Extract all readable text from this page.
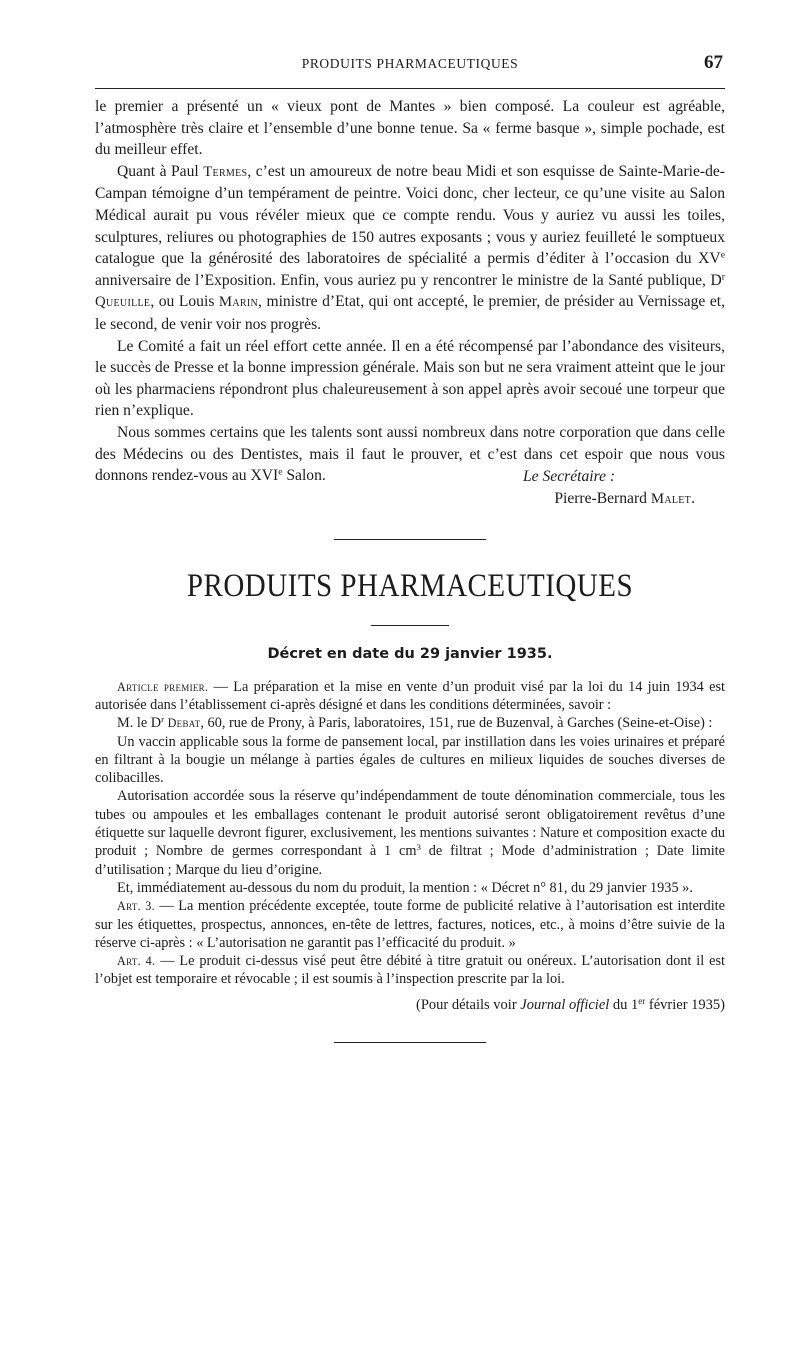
PRODUITS PHARMACEUTIQUES	67

le premier a présenté un « vieux pont de Mantes » bien composé. La couleur est agréable, l’atmosphère très claire et l’ensemble d’une bonne tenue. Sa « ferme basque », simple pochade, est du meilleur effet.

Quant à Paul Termes, c’est un amoureux de notre beau Midi et son esquisse de Sainte-Marie-de-Campan témoigne d’un tempérament de peintre. Voici donc, cher lecteur, ce qu’une visite au Salon Médical aurait pu vous révéler mieux que ce compte rendu. Vous y auriez vu aussi les toiles, sculptures, reliures ou photographies de 150 autres exposants ; vous y auriez feuilleté le somptueux catalogue que la générosité des laboratoires de spécialité a permis d’éditer à l’occasion du XVe anniversaire de l’Exposition. Enfin, vous auriez pu y rencontrer le ministre de la Santé publique, $D^r$ Queuille, ou Louis Marin, ministre d’Etat, qui ont accepté, le premier, de présider au Vernissage et, le second, de venir voir nos progrès.

Le Comité a fait un réel effort cette année. Il en a été récompensé par l’abondance des visiteurs, le succès de Presse et la bonne impression générale. Mais son but ne sera vraiment atteint que le jour où les pharmaciens répondront plus chaleureusement à son appel après avoir secoué une torpeur que rien n’explique.

Nous sommes certains que les talents sont aussi nombreux dans notre corporation que dans celle des Médecins ou des Dentistes, mais il faut le prouver, et c’est dans cet espoir que nous vous donnons rendez-vous au XVIe Salon.	Le Secrétaire :
Pierre-Bernard Malet.
PRODUITS PHARMACEUTIQUES
Décret en date du 29 janvier 1935.

Article premier. — La préparation et la mise en vente d’un produit visé par la loi du 14 juin 1934 est autorisée dans l’établissement ci-après désigné et dans les conditions déterminées, savoir :

M. le $D^r$ Debat, 60, rue de Prony, à Paris, laboratoires, 151, rue de Buzenval, à Garches (Seine-et-Oise) :

Un vaccin applicable sous la forme de pansement local, par instillation dans les voies urinaires et préparé en filtrant à la bougie un mélange à parties égales de cultures en milieux liquides de souches diverses de colibacilles.

Autorisation accordée sous la réserve qu’indépendamment de toute dénomination commerciale, tous les tubes ou ampoules et les emballages contenant le produit autorisé seront obligatoirement revêtus d’une étiquette sur laquelle devront figurer, exclusivement, les mentions suivantes : Nature et composition exacte du produit ; Nombre de germes correspondant à 1 $cm^3$ de filtrat ; Mode d’administration ; Date limite d’utilisation ; Marque du lieu d’origine.

Et, immédiatement au-dessous du nom du produit, la mention : « Décret n° 81, du 29 janvier 1935 ».

Art. 3. — La mention précédente exceptée, toute forme de publicité relative à l’autorisation est interdite sur les étiquettes, prospectus, annonces, en-tête de lettres, factures, notices, etc., à moins d’être suivie de la réserve ci-après : « L’autorisation ne garantit pas l’efficacité du produit. »

Art. 4. — Le produit ci-dessus visé peut être débité à titre gratuit ou onéreux. L’autorisation dont il est l’objet est temporaire et révocable ; il est soumis à l’inspection prescrite par la loi.

(Pour détails voir Journal officiel du 1er février 1935)
